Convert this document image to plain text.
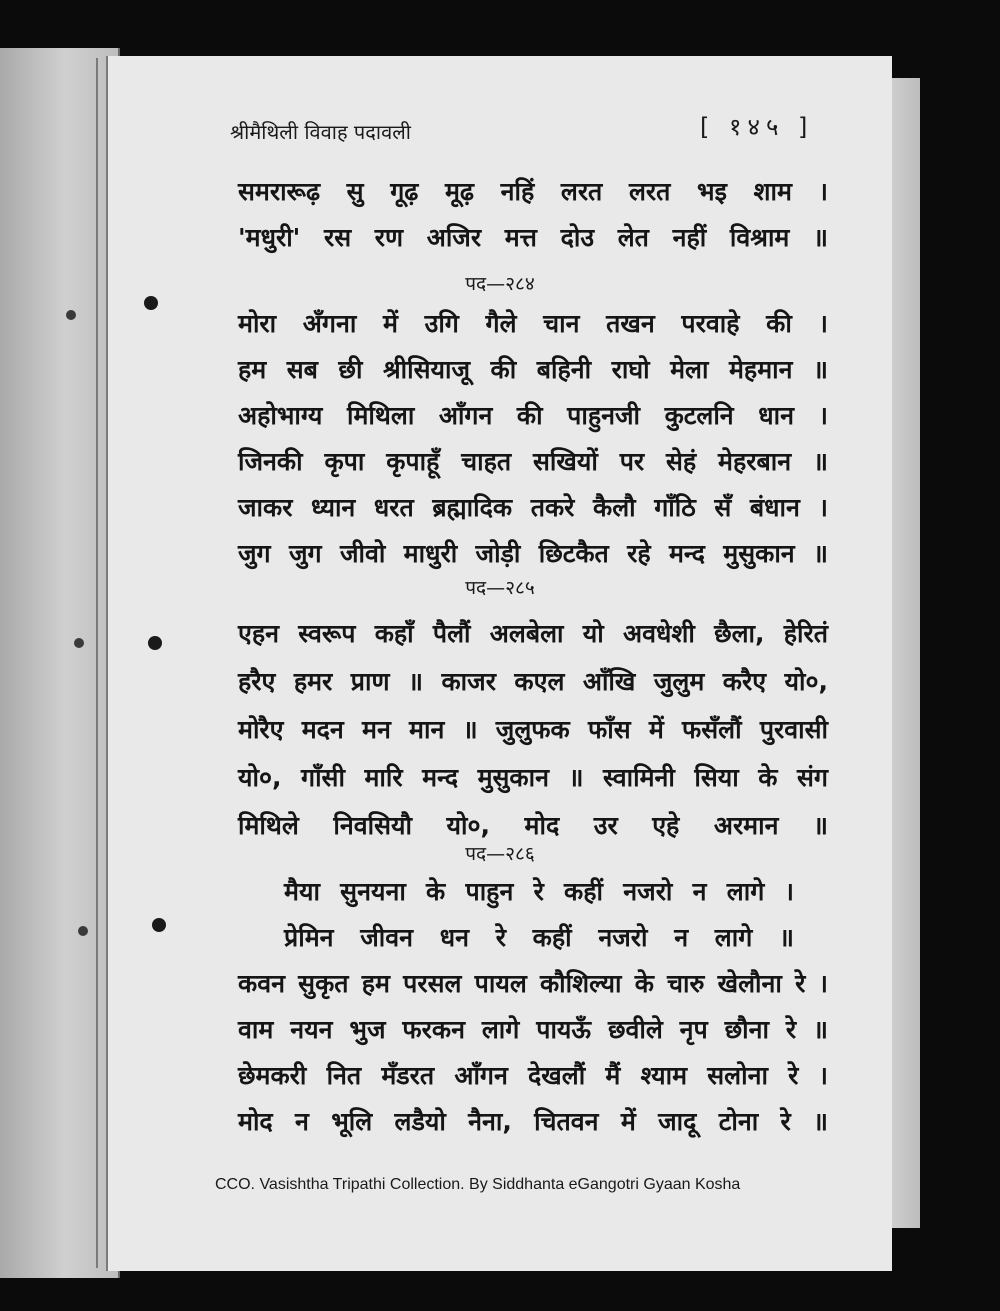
श्रीमैथिली विवाह पदावली	[ १४५ ]
समरारूढ़ सु गूढ़ मूढ़ नहिं लरत लरत भइ शाम ।
'मधुरी' रस रण अजिर मत्त दोउ लेत नहीं विश्राम ॥
पद—२८४
मोरा अँगना में उगि गैले चान तखन परवाहे की ।
हम सब छी श्रीसियाजू की बहिनी राघो मेला मेहमान ॥
अहोभाग्य मिथिला आँगन की पाहुनजी कुटलनि धान ।
जिनकी कृपा कृपाहूँ चाहत सखियों पर सेहं मेहरबान ॥
जाकर ध्यान धरत ब्रह्मादिक तकरे कैलौ गाँठि सँ बंधान ।
जुग जुग जीवो माधुरी जोड़ी छिटकैत रहे मन्द मुसुकान ॥
पद—२८५
एहन स्वरूप कहाँ पैलौं अलबेला यो अवधेशी छैला, हेरितं
हरैए हमर प्राण ॥ काजर कएल आँखि जुलुम करैए यो०,
मोरैए मदन मन मान ॥ जुलुफक फाँस में फसँलौं पुरवासी
यो०, गाँसी मारि मन्द मुसुकान ॥ स्वामिनी सिया के संग
मिथिले निवसियौ यो०, मोद उर एहे अरमान ॥
पद—२८६
मैया सुनयना के पाहुन रे कहीं नजरो न लागे ।
प्रेमिन जीवन धन रे कहीं नजरो न लागे ॥
कवन सुकृत हम परसल पायल कौशिल्या के चारु खेलौना रे ।
वाम नयन भुज फरकन लागे पायऊँ छवीले नृप छौना रे ॥
छेमकरी नित मँडरत आँगन देखलौं मैं श्याम सलोना रे ।
मोद न भूलि लडैयो नैना, चितवन में जादू टोना रे ॥
CCO. Vasishtha Tripathi Collection. By Siddhanta eGangotri Gyaan Kosha
